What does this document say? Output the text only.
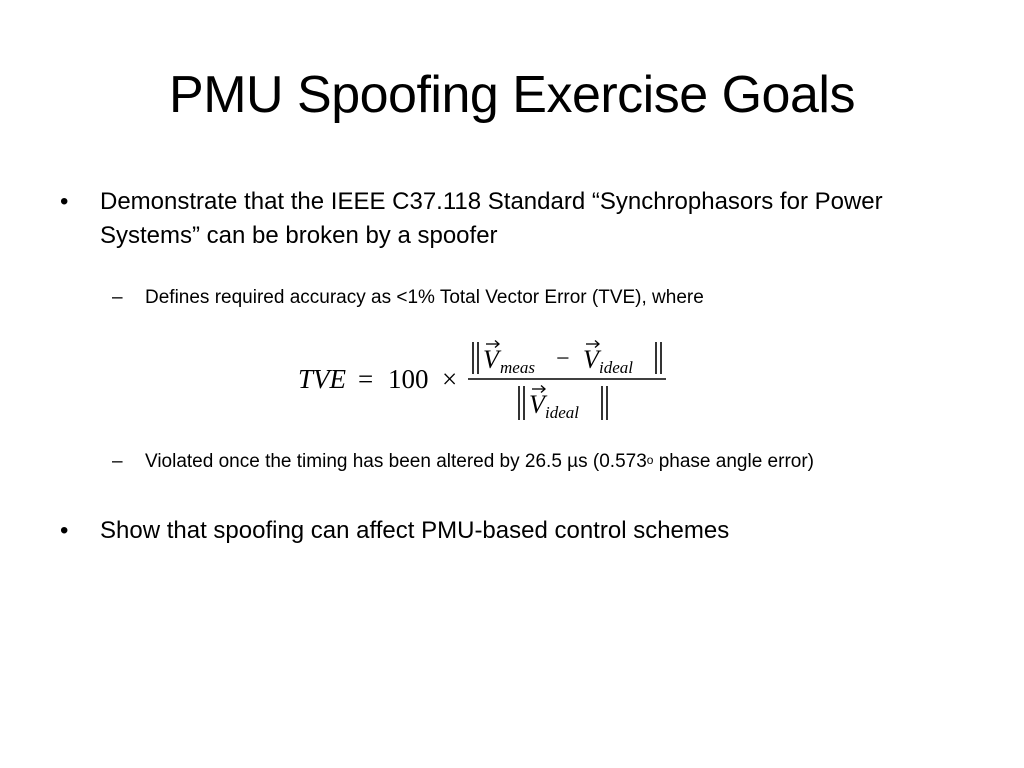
PMU Spoofing Exercise Goals
•	Demonstrate that the IEEE C37.118 Standard “Synchrophasors for Power Systems” can be broken by a spoofer
–	Defines required accuracy as <1% Total Vector Error (TVE), where
TVE = 100 ×
V meas − V ideal
V ideal
–	Violated once the timing has been altered by 26.5 µs (0.573$^o$ phase angle error)
•	Show that spoofing can affect PMU-based control schemes
